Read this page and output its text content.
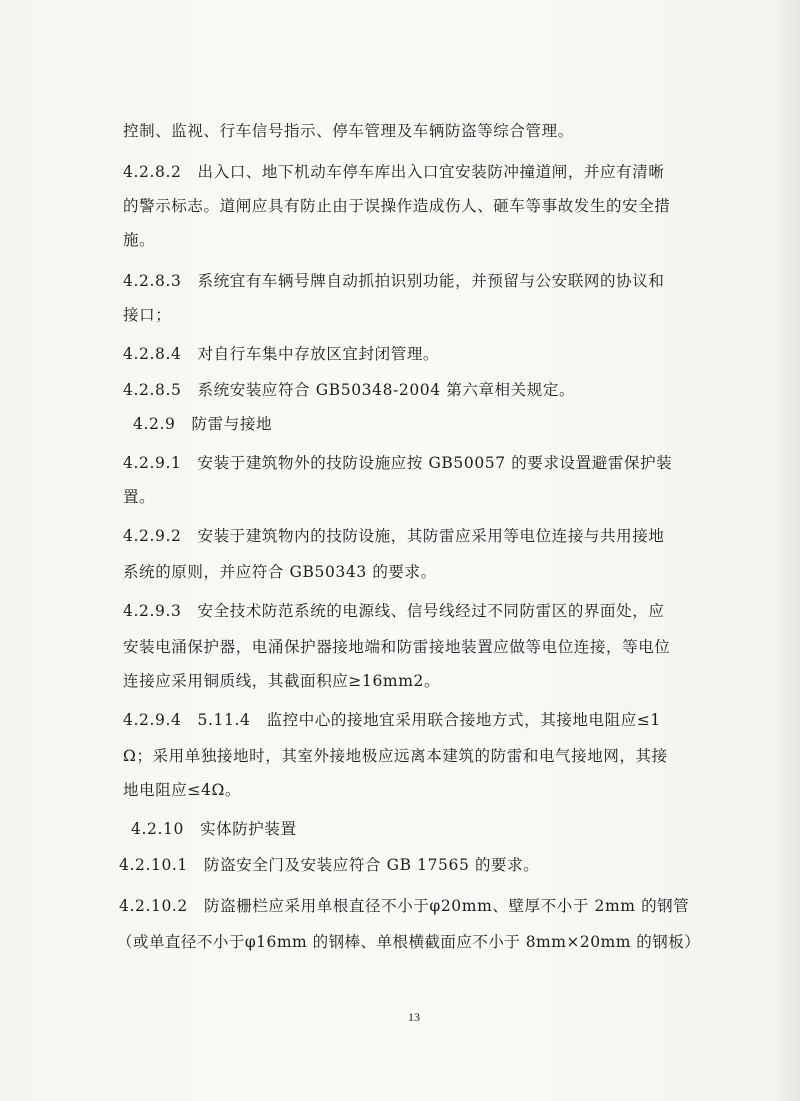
控制、监视、行车信号指示、停车管理及车辆防盗等综合管理。
4.2.8.2　出入口、地下机动车停车库出入口宜安装防冲撞道闸，并应有清晰
的警示标志。道闸应具有防止由于误操作造成伤人、砸车等事故发生的安全措
施。
4.2.8.3　系统宜有车辆号牌自动抓拍识别功能，并预留与公安联网的协议和
接口；
4.2.8.4　对自行车集中存放区宜封闭管理。
4.2.8.5　系统安装应符合 GB50348-2004 第六章相关规定。
4.2.9　防雷与接地
4.2.9.1　安装于建筑物外的技防设施应按 GB50057 的要求设置避雷保护装
置。
4.2.9.2　安装于建筑物内的技防设施，其防雷应采用等电位连接与共用接地
系统的原则，并应符合 GB50343 的要求。
4.2.9.3　安全技术防范系统的电源线、信号线经过不同防雷区的界面处，应
安装电涌保护器，电涌保护器接地端和防雷接地装置应做等电位连接，等电位
连接应采用铜质线，其截面积应≥16mm2。
4.2.9.4　5.11.4　监控中心的接地宜采用联合接地方式，其接地电阻应≤1
Ω；采用单独接地时，其室外接地极应远离本建筑的防雷和电气接地网，其接
地电阻应≤4Ω。
4.2.10　实体防护装置
4.2.10.1　防盗安全门及安装应符合 GB 17565 的要求。
4.2.10.2　防盗栅栏应采用单根直径不小于φ20mm、壁厚不小于 2mm 的钢管
（或单直径不小于φ16mm 的钢棒、单根横截面应不小于 8mm×20mm 的钢板）
13
